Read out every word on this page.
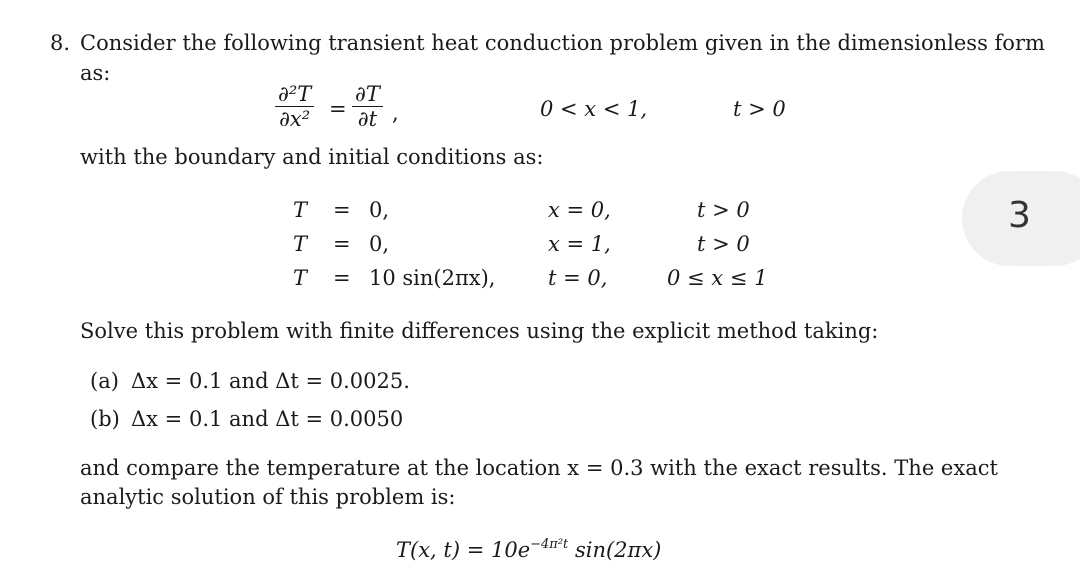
8. Consider the following transient heat conduction problem given in the dimensionless form
as:
$\frac{\text{∂²T}}{\text{∂x²}} = \frac{\partial T}{\partial t}$ ,	0 < x < 1,	t > 0
with the boundary and initial conditions as:
T = 0,	x = 0,	t > 0
T = 0,	x = 1,	t > 0
T = 10 sin(2πx),	t = 0,	0 ≤ x ≤ 1
Solve this problem with finite differences using the explicit method taking:
(a) Δx = 0.1 and Δt = 0.0025.
(b) Δx = 0.1 and Δt = 0.0050
and compare the temperature at the location x = 0.3 with the exact results. The exact
analytic solution of this problem is:
T(x, $t) = 10e^{-4\pi^2t}$ sin(2πx)
3
